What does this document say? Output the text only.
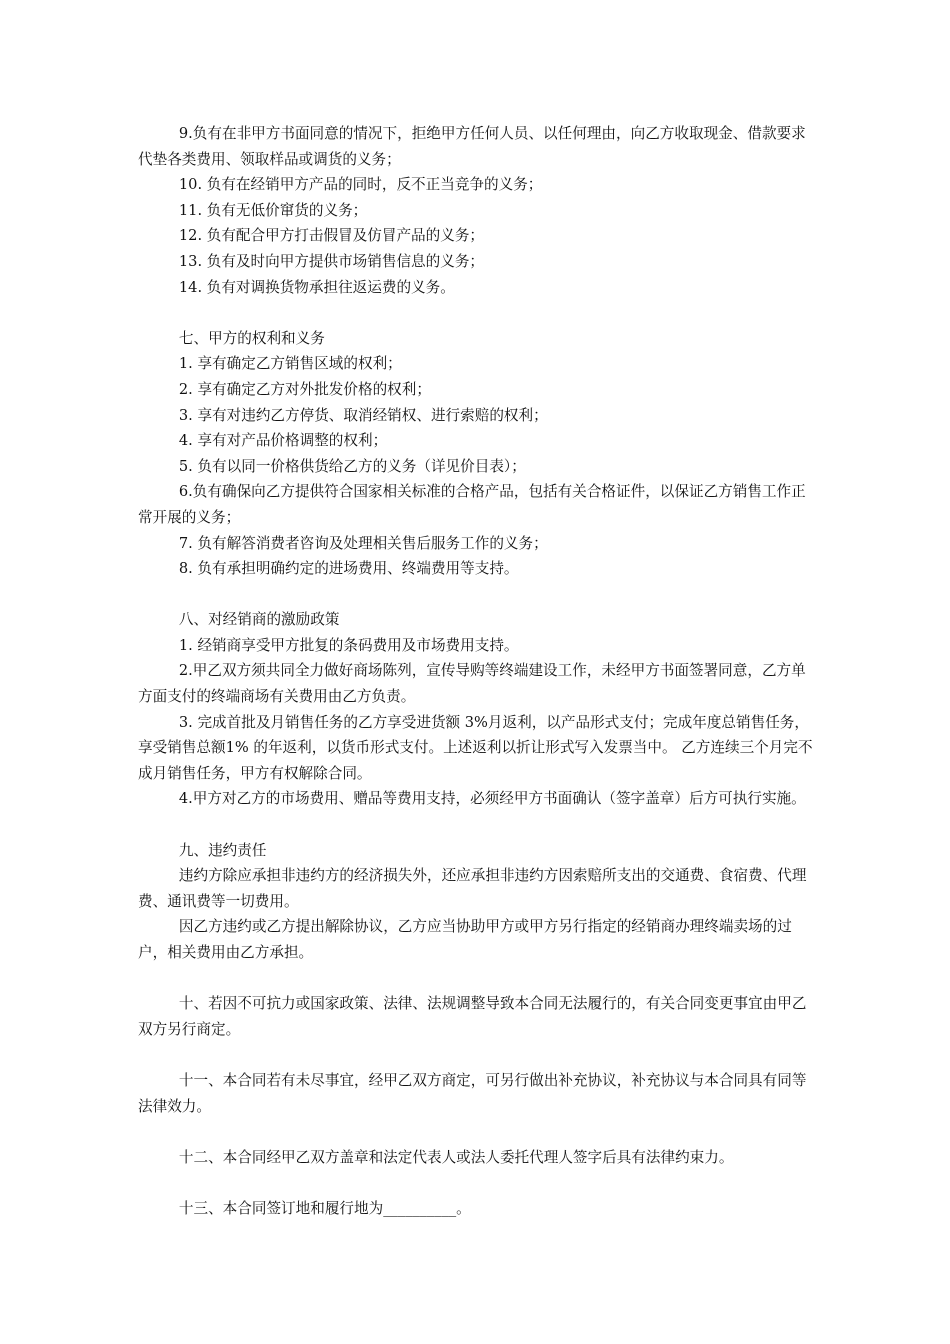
9.负有在非甲方书面同意的情况下，拒绝甲方任何人员、以任何理由，向乙方收取现金、借款要求代垫各类费用、领取样品或调货的义务；
10. 负有在经销甲方产品的同时，反不正当竞争的义务；
11. 负有无低价窜货的义务；
12. 负有配合甲方打击假冒及仿冒产品的义务；
13. 负有及时向甲方提供市场销售信息的义务；
14. 负有对调换货物承担往返运费的义务。
七、甲方的权利和义务
1. 享有确定乙方销售区域的权利；
2. 享有确定乙方对外批发价格的权利；
3. 享有对违约乙方停货、取消经销权、进行索赔的权利；
4. 享有对产品价格调整的权利；
5. 负有以同一价格供货给乙方的义务（详见价目表）；
6.负有确保向乙方提供符合国家相关标准的合格产品，包括有关合格证件，以保证乙方销售工作正常开展的义务；
7. 负有解答消费者咨询及处理相关售后服务工作的义务；
8. 负有承担明确约定的进场费用、终端费用等支持。
八、对经销商的激励政策
1. 经销商享受甲方批复的条码费用及市场费用支持。
2.甲乙双方须共同全力做好商场陈列，宣传导购等终端建设工作，未经甲方书面签署同意，乙方单方面支付的终端商场有关费用由乙方负责。
3. 完成首批及月销售任务的乙方享受进货额 3%月返利，以产品形式支付；完成年度总销售任务，享受销售总额1% 的年返利，以货币形式支付。上述返利以折让形式写入发票当中。 乙方连续三个月完不成月销售任务，甲方有权解除合同。
4.甲方对乙方的市场费用、赠品等费用支持，必须经甲方书面确认（签字盖章）后方可执行实施。
九、违约责任
违约方除应承担非违约方的经济损失外，还应承担非违约方因索赔所支出的交通费、食宿费、代理费、通讯费等一切费用。
因乙方违约或乙方提出解除协议，乙方应当协助甲方或甲方另行指定的经销商办理终端卖场的过户，相关费用由乙方承担。
十、若因不可抗力或国家政策、法律、法规调整导致本合同无法履行的，有关合同变更事宜由甲乙双方另行商定。
十一、本合同若有未尽事宜，经甲乙双方商定，可另行做出补充协议，补充协议与本合同具有同等法律效力。
十二、本合同经甲乙双方盖章和法定代表人或法人委托代理人签字后具有法律约束力。
十三、本合同签订地和履行地为__________。
